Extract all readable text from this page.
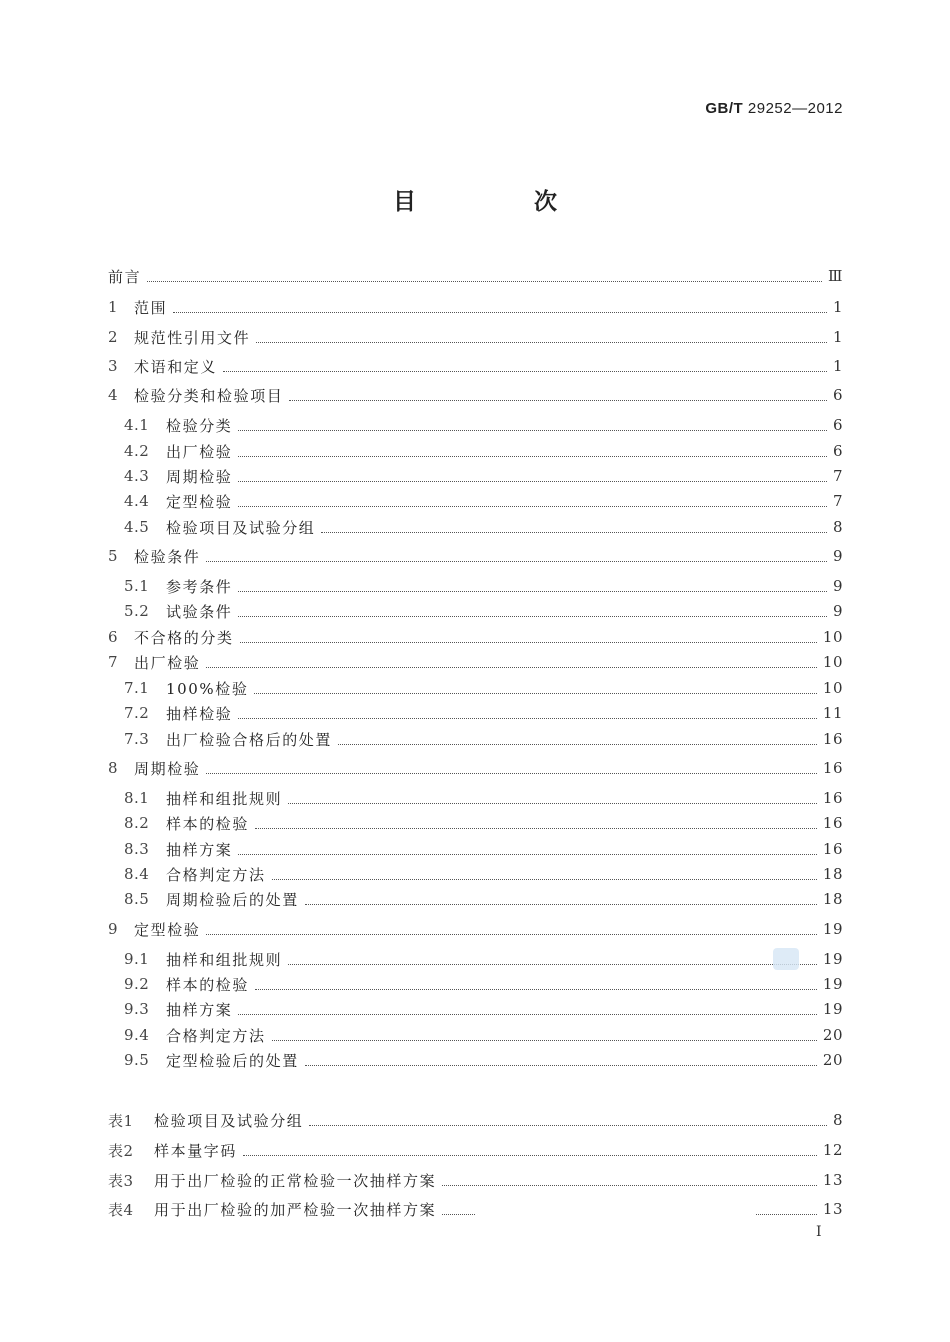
GB/T 29252—2012
目 次
前言	Ⅲ
1	范围	1
2	规范性引用文件	1
3	术语和定义	1
4	检验分类和检验项目	6
4.1	检验分类	6
4.2	出厂检验	6
4.3	周期检验	7
4.4	定型检验	7
4.5	检验项目及试验分组	8
5	检验条件	9
5.1	参考条件	9
5.2	试验条件	9
6	不合格的分类	10
7	出厂检验	10
7.1	100%检验	10
7.2	抽样检验	11
7.3	出厂检验合格后的处置	16
8	周期检验	16
8.1	抽样和组批规则	16
8.2	样本的检验	16
8.3	抽样方案	16
8.4	合格判定方法	18
8.5	周期检验后的处置	18
9	定型检验	19
9.1	抽样和组批规则	19
9.2	样本的检验	19
9.3	抽样方案	19
9.4	合格判定方法	20
9.5	定型检验后的处置	20
表1	检验项目及试验分组	8
表2	样本量字码	12
表3	用于出厂检验的正常检验一次抽样方案	13
表4	用于出厂检验的加严检验一次抽样方案	13
I
